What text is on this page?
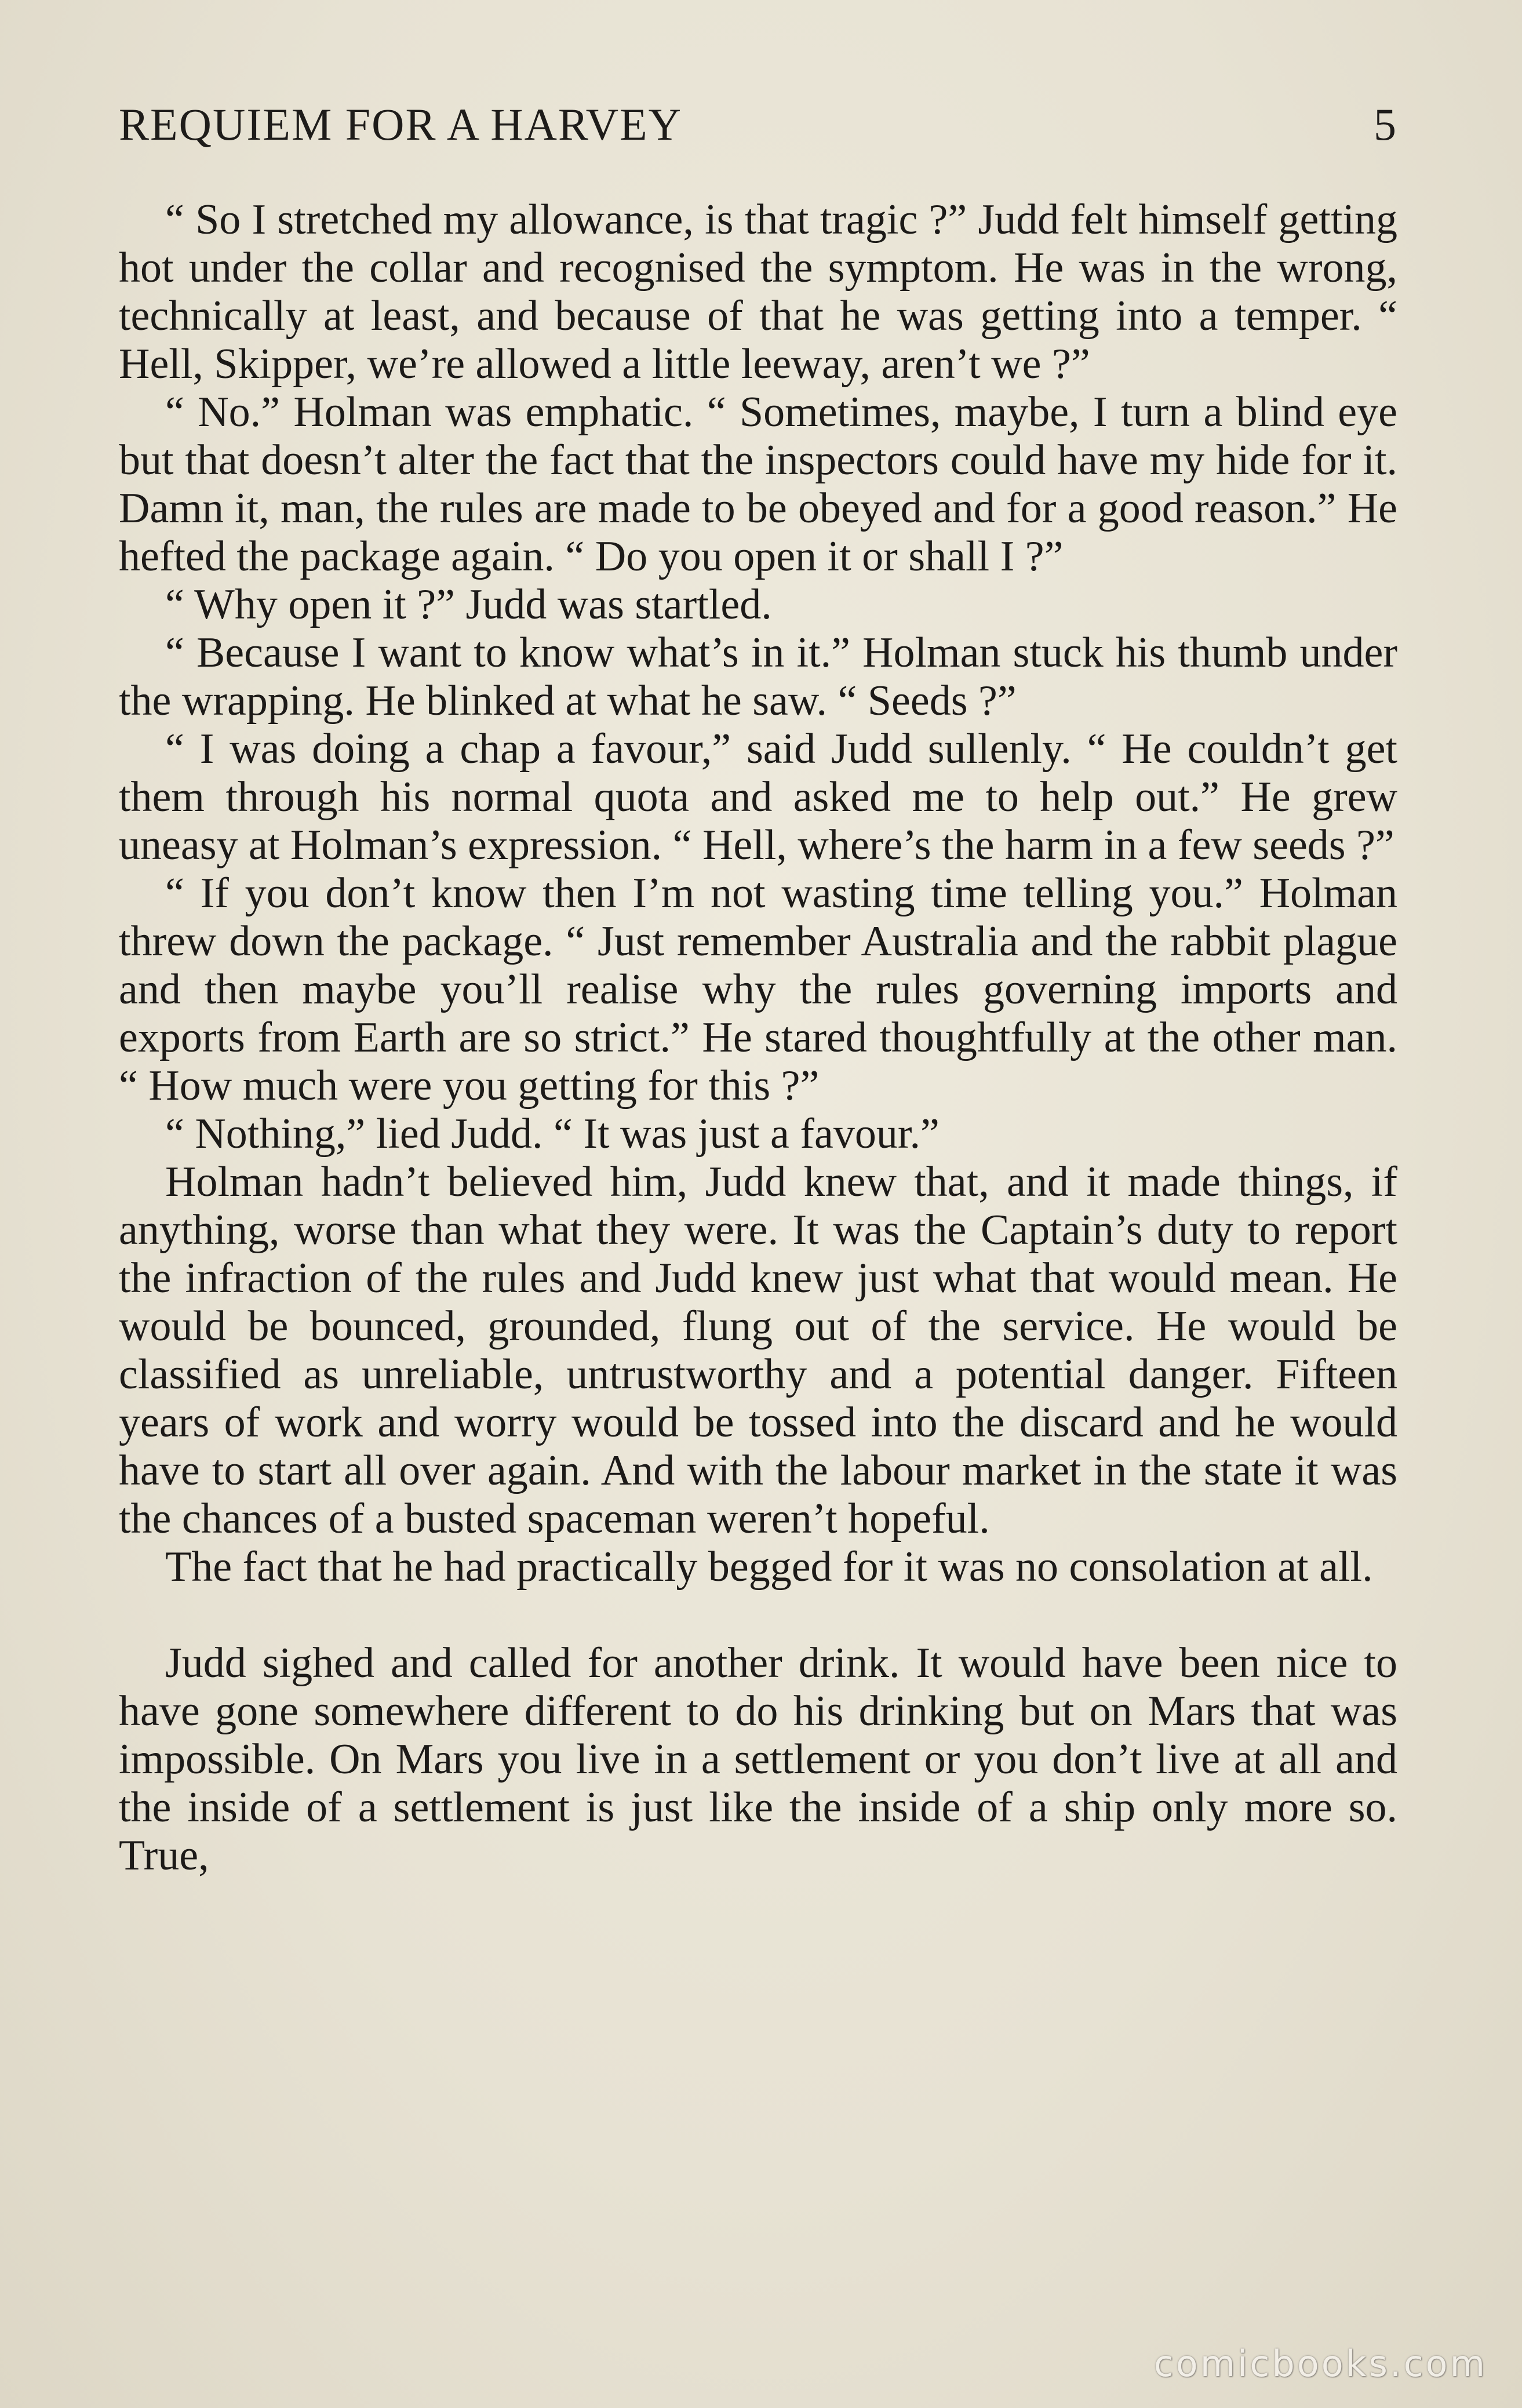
REQUIEM FOR A HARVEY	5

“ So I stretched my allowance, is that tragic ?” Judd felt himself getting hot under the collar and recognised the symptom. He was in the wrong, technically at least, and because of that he was getting into a temper. “ Hell, Skipper, we’re allowed a little leeway, aren’t we ?”

“ No.” Holman was emphatic. “ Sometimes, maybe, I turn a blind eye but that doesn’t alter the fact that the inspectors could have my hide for it. Damn it, man, the rules are made to be obeyed and for a good reason.” He hefted the package again. “ Do you open it or shall I ?”

“ Why open it ?” Judd was startled.

“ Because I want to know what’s in it.” Holman stuck his thumb under the wrapping. He blinked at what he saw. “ Seeds ?”

“ I was doing a chap a favour,” said Judd sullenly. “ He couldn’t get them through his normal quota and asked me to help out.” He grew uneasy at Holman’s expression. “ Hell, where’s the harm in a few seeds ?”

“ If you don’t know then I’m not wasting time telling you.” Holman threw down the package. “ Just remember Australia and the rabbit plague and then maybe you’ll realise why the rules governing imports and exports from Earth are so strict.” He stared thoughtfully at the other man. “ How much were you getting for this ?”

“ Nothing,” lied Judd. “ It was just a favour.”

Holman hadn’t believed him, Judd knew that, and it made things, if anything, worse than what they were. It was the Captain’s duty to report the infraction of the rules and Judd knew just what that would mean. He would be bounced, grounded, flung out of the service. He would be classified as unreliable, untrustworthy and a potential danger. Fifteen years of work and worry would be tossed into the discard and he would have to start all over again. And with the labour market in the state it was the chances of a busted spaceman weren’t hopeful.

The fact that he had practically begged for it was no consolation at all.

Judd sighed and called for another drink. It would have been nice to have gone somewhere different to do his drinking but on Mars that was impossible. On Mars you live in a settlement or you don’t live at all and the inside of a settlement is just like the inside of a ship only more so. True,

comicbooks.com
